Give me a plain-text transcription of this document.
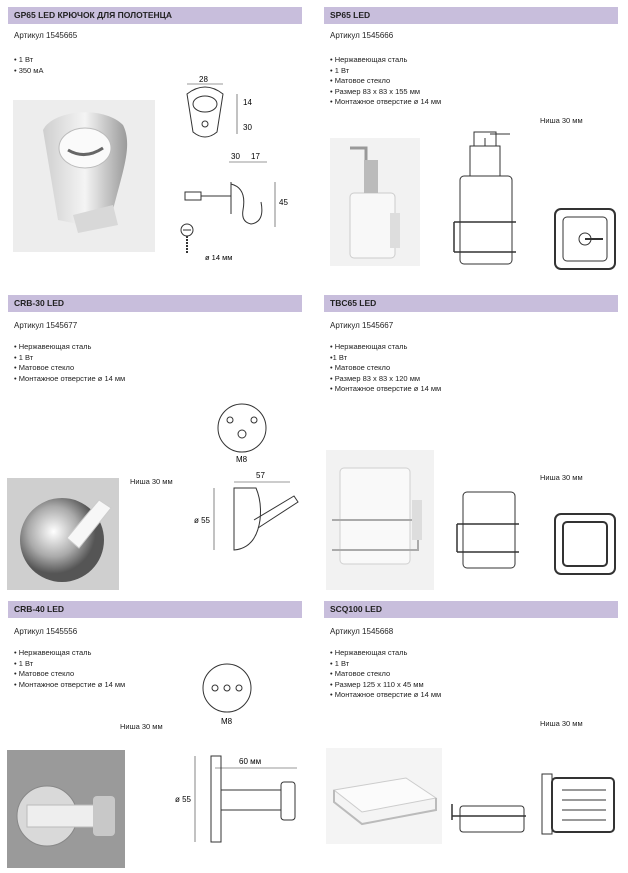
GP65 LED КРЮЧОК ДЛЯ ПОЛОТЕНЦА
Артикул 1545665
• 1 Вт
• 350 мА
28
14
30
30 17
45
ø 14 мм
SP65 LED
Артикул 1545666
• Нержавеющая сталь
• 1 Вт
• Матовое стекло
• Размер 83 х 83 х 155 мм
• Монтажное отверстие ø 14 мм
Ниша 30 мм
CRB-30 LED
Артикул 1545677
• Нержавеющая сталь
• 1 Вт
• Матовое стекло
• Монтажное отверстие ø 14 мм
Ниша 30 мм
M8
57
ø 55
TBC65 LED
Артикул 1545667
• Нержавеющая сталь
•1 Вт
• Матовое стекло
• Размер 83 х 83 х 120 мм
• Монтажное отверстие ø 14 мм
Ниша 30 мм
CRB-40 LED
Артикул 1545556
• Нержавеющая сталь
• 1 Вт
• Матовое стекло
• Монтажное отверстие ø 14 мм
Ниша 30 мм
M8
60 мм
ø 55
SCQ100 LED
Артикул 1545668
• Нержавеющая сталь
• 1 Вт
• Матовое стекло
• Размер 125 х 110 х 45 мм
• Монтажное отверстие ø 14 мм
Ниша 30 мм
